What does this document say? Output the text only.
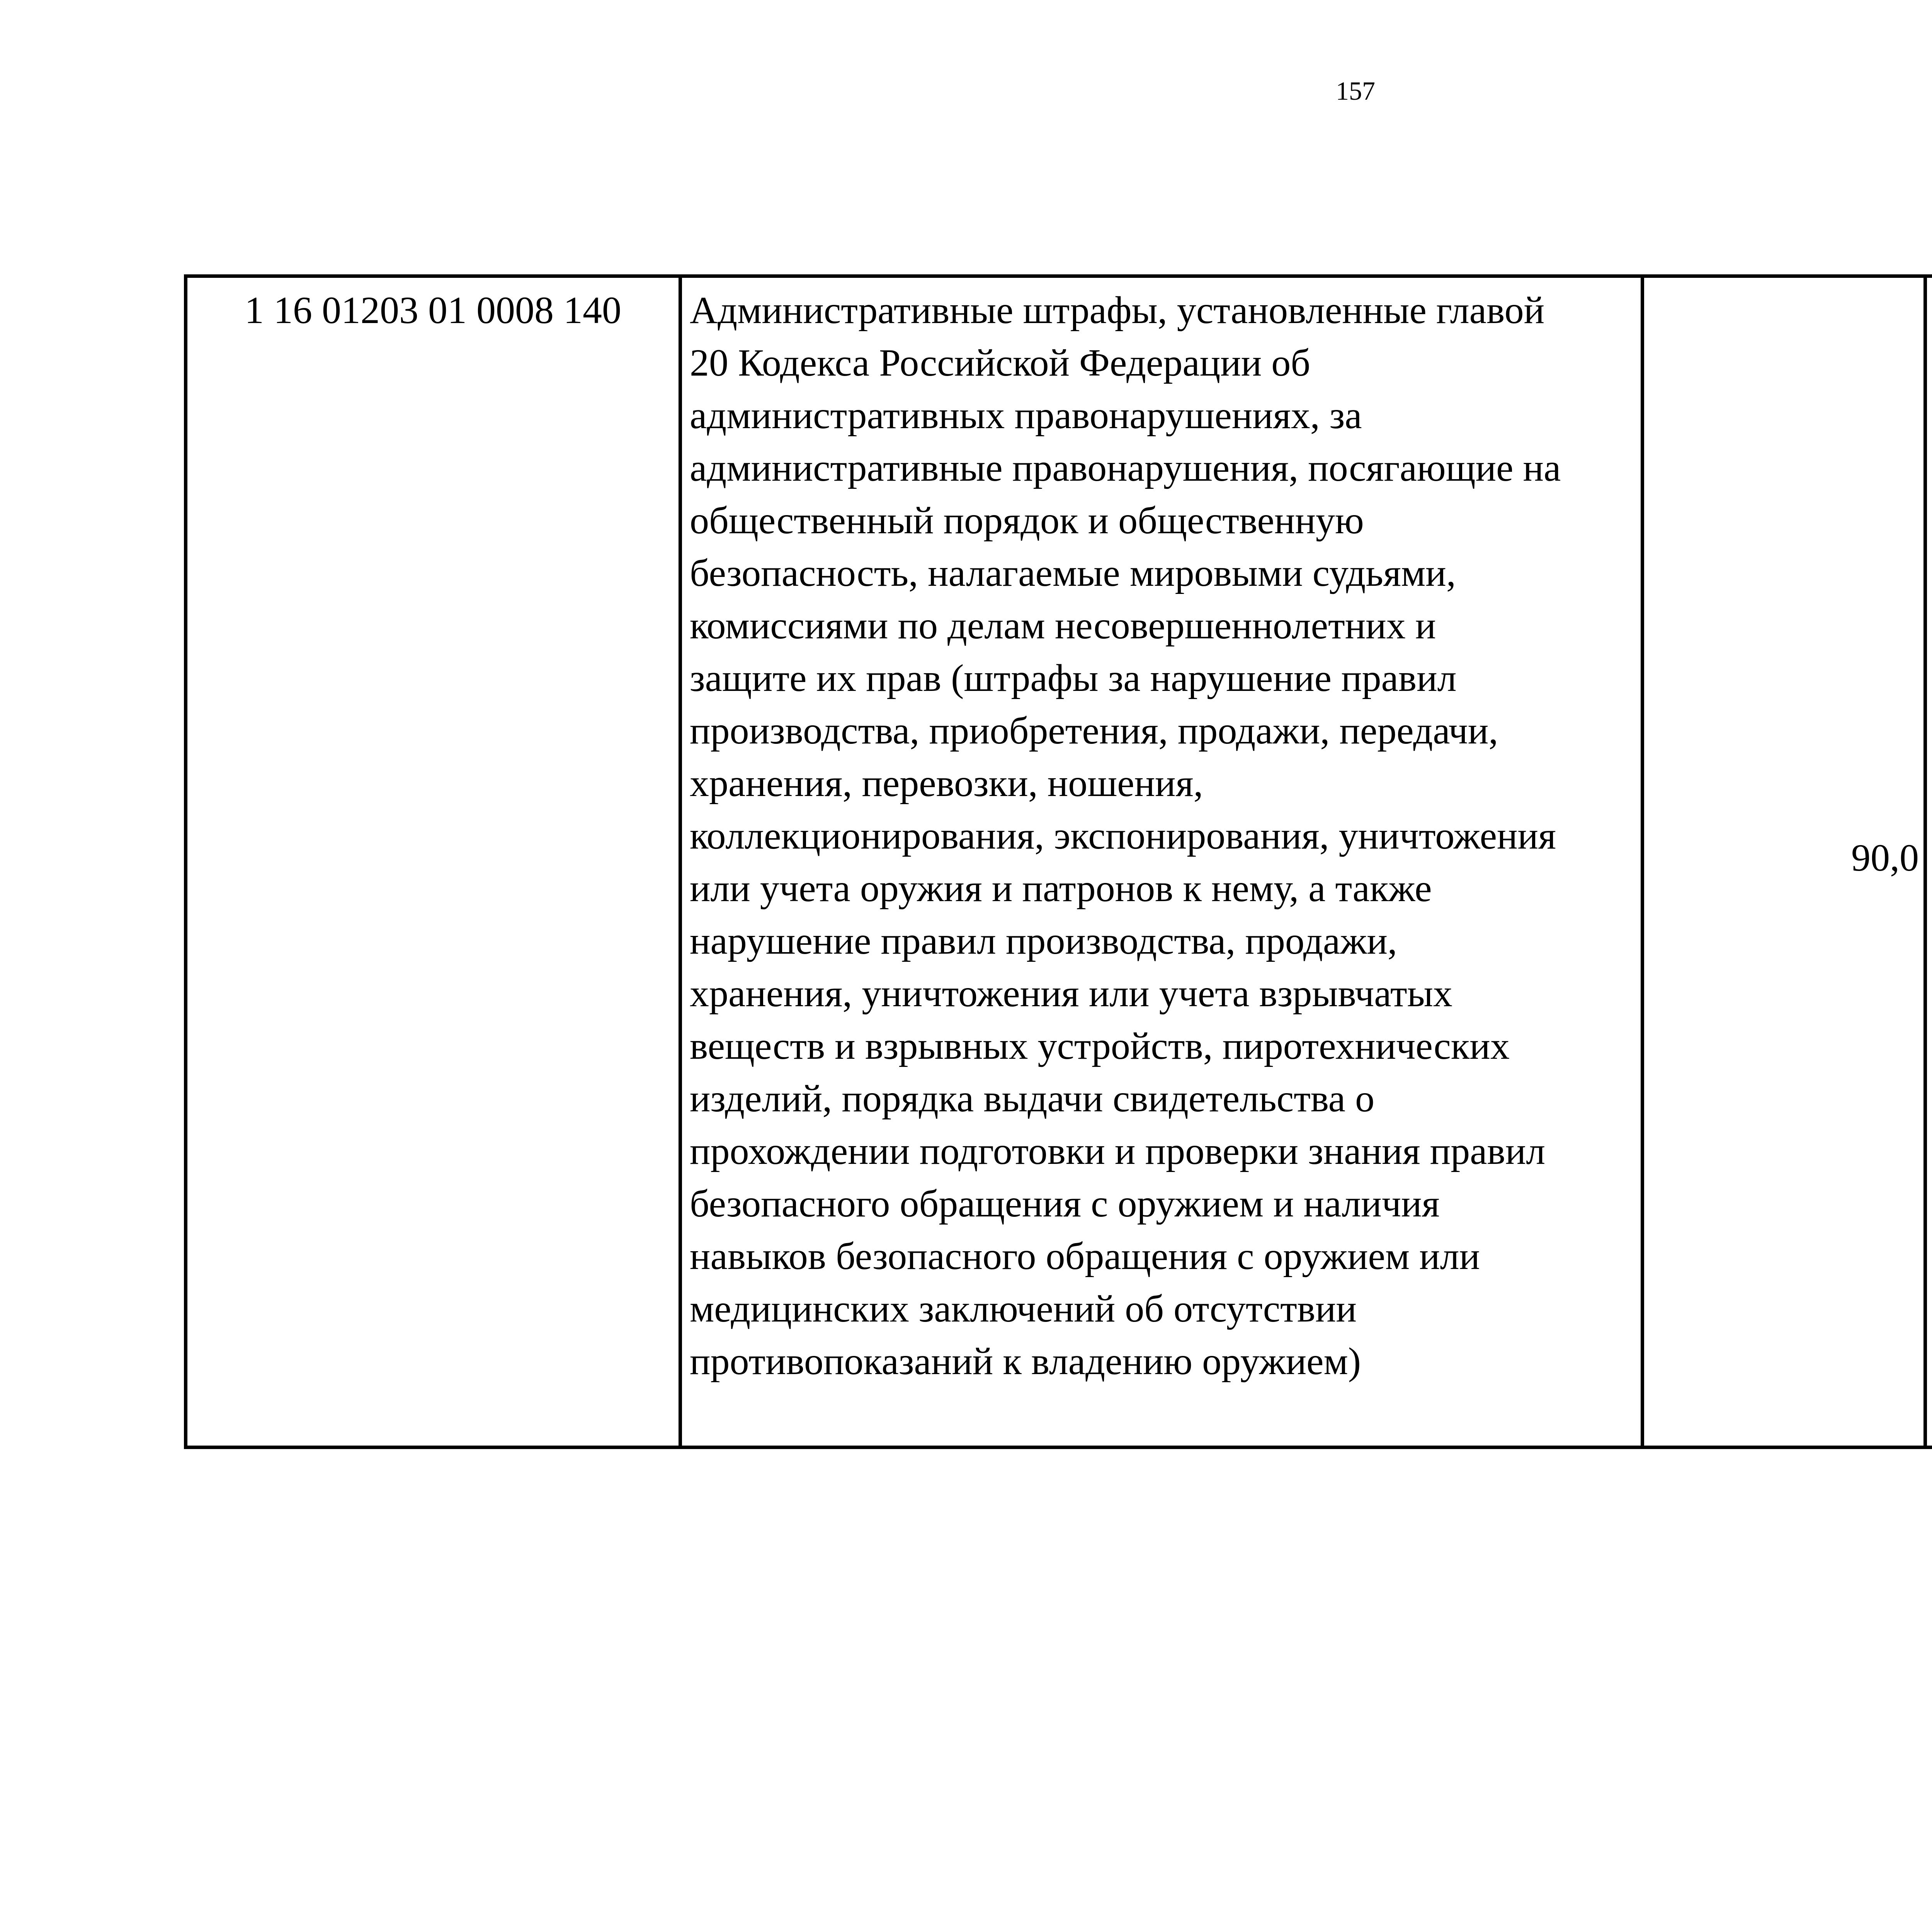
157
1 16 01203 01 0008 140	Административные штрафы, установленные главой
20 Кодекса Российской Федерации об
административных правонарушениях, за
административные правонарушения, посягающие на
общественный порядок и общественную
безопасность, налагаемые мировыми судьями,
комиссиями по делам несовершеннолетних и
защите их прав (штрафы за нарушение правил
производства, приобретения, продажи, передачи,
хранения, перевозки, ношения,
коллекционирования, экспонирования, уничтожения
или учета оружия и патронов к нему, а также
нарушение правил производства, продажи,
хранения, уничтожения или учета взрывчатых
веществ и взрывных устройств, пиротехнических
изделий, порядка выдачи свидетельства о
прохождении подготовки и проверки знания правил
безопасного обращения с оружием и наличия
навыков безопасного обращения с оружием или
медицинских заключений об отсутствии
противопоказаний к владению оружием)
	90,0		
